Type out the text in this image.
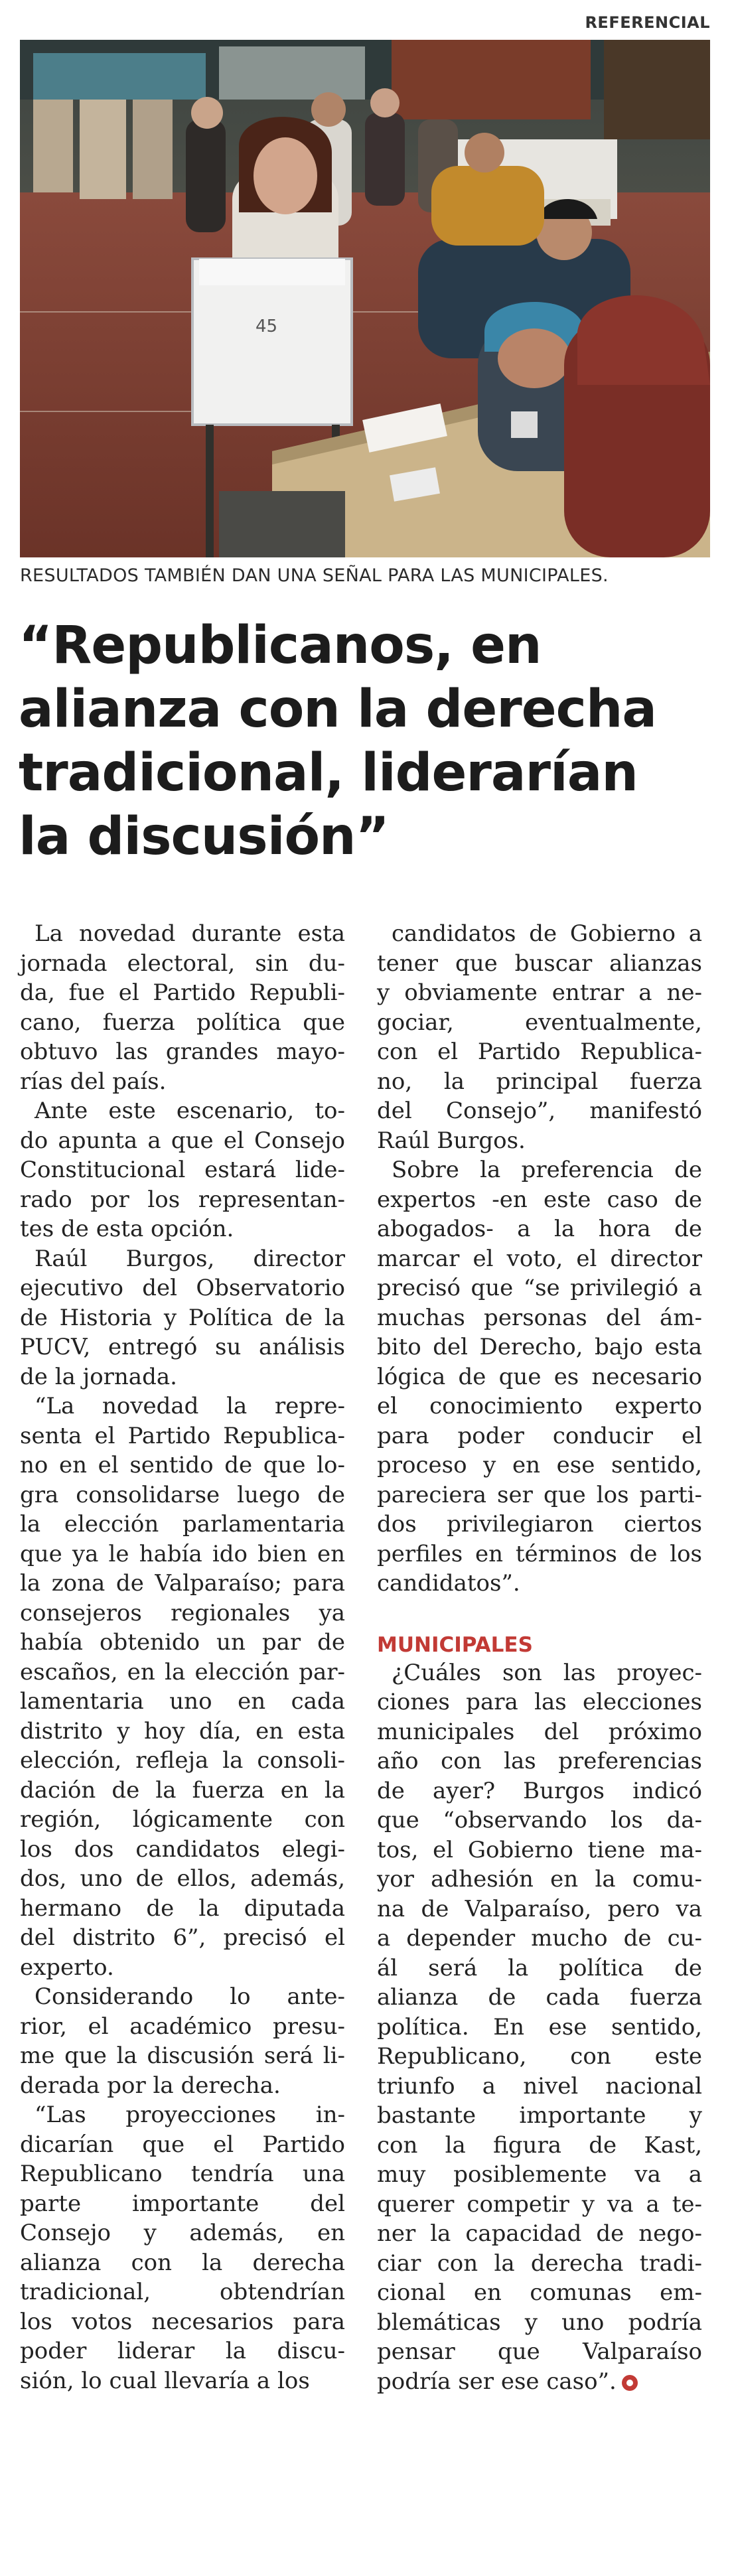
REFERENCIAL
45
RESULTADOS TAMBIÉN DAN UNA SEÑAL PARA LAS MUNICIPALES.
“Republicanos, en
alianza con la derecha
tradicional, liderarían
la discusión”

La novedad durante esta
jornada electoral, sin du-
da, fue el Partido Republi-
cano, fuerza política que
obtuvo las grandes mayo-
rías del país.

Ante este escenario, to-
do apunta a que el Consejo
Constitucional estará lide-
rado por los representan-
tes de esta opción.

Raúl Burgos, director
ejecutivo del Observatorio
de Historia y Política de la
PUCV, entregó su análisis
de la jornada.

“La novedad la repre-
senta el Partido Republica-
no en el sentido de que lo-
gra consolidarse luego de
la elección parlamentaria
que ya le había ido bien en
la zona de Valparaíso; para
consejeros regionales ya
había obtenido un par de
escaños, en la elección par-
lamentaria uno en cada
distrito y hoy día, en esta
elección, refleja la consoli-
dación de la fuerza en la
región, lógicamente con
los dos candidatos elegi-
dos, uno de ellos, además,
hermano de la diputada
del distrito 6”, precisó el
experto.

Considerando lo ante-
rior, el académico presu-
me que la discusión será li-
derada por la derecha.

“Las proyecciones in-
dicarían que el Partido
Republicano tendría una
parte importante del
Consejo y además, en
alianza con la derecha
tradicional, obtendrían
los votos necesarios para
poder liderar la discu-
sión, lo cual llevaría a los

candidatos de Gobierno a
tener que buscar alianzas
y obviamente entrar a ne-
gociar, eventualmente,
con el Partido Republica-
no, la principal fuerza
del Consejo”, manifestó
Raúl Burgos.

Sobre la preferencia de
expertos -en este caso de
abogados- a la hora de
marcar el voto, el director
precisó que “se privilegió a
muchas personas del ám-
bito del Derecho, bajo esta
lógica de que es necesario
el conocimiento experto
para poder conducir el
proceso y en ese sentido,
pareciera ser que los parti-
dos privilegiaron ciertos
perfiles en términos de los
candidatos”.

MUNICIPALES

¿Cuáles son las proyec-
ciones para las elecciones
municipales del próximo
año con las preferencias
de ayer? Burgos indicó
que “observando los da-
tos, el Gobierno tiene ma-
yor adhesión en la comu-
na de Valparaíso, pero va
a depender mucho de cu-
ál será la política de
alianza de cada fuerza
política. En ese sentido,
Republicano, con este
triunfo a nivel nacional
bastante importante y
con la figura de Kast,
muy posiblemente va a
querer competir y va a te-
ner la capacidad de nego-
ciar con la derecha tradi-
cional en comunas em-
blemáticas y uno podría
pensar que Valparaíso
podría ser ese caso”.
